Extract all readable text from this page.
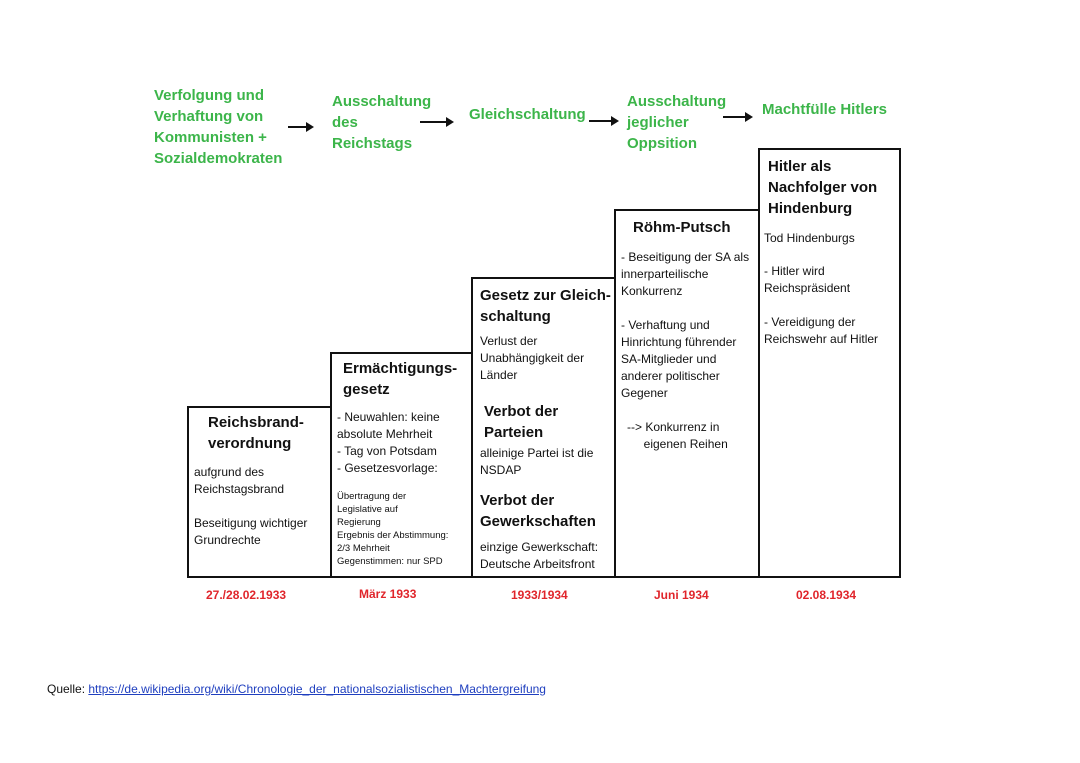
Verfolgung und
Verhaftung von
Kommunisten +
Sozialdemokraten
Ausschaltung
des
Reichstags
Gleichschaltung
Ausschaltung
jeglicher
Oppsition
Machtfülle Hitlers
Reichsbrand-
verordnung
aufgrund des
Reichstagsbrand
Beseitigung wichtiger
Grundrechte
Ermächtigungs-
gesetz
- Neuwahlen: keine
absolute Mehrheit
- Tag von Potsdam
- Gesetzesvorlage:
Übertragung der
Legislative auf
Regierung
Ergebnis der Abstimmung:
2/3 Mehrheit
Gegenstimmen: nur SPD
Gesetz zur Gleich-
schaltung
Verlust der
Unabhängigkeit der
Länder
Verbot der
Parteien
alleinige Partei ist die
NSDAP
Verbot der
Gewerkschaften
einzige Gewerkschaft:
Deutsche Arbeitsfront
Röhm-Putsch
- Beseitigung der SA als
innerparteilische
Konkurrenz
- Verhaftung und
Hinrichtung führender
SA-Mitglieder und
anderer politischer
Gegener
--> Konkurrenz in
eigenen Reihen
Hitler als
Nachfolger von
Hindenburg
Tod Hindenburgs
- Hitler wird
Reichspräsident
- Vereidigung der
Reichswehr auf Hitler
27./28.02.1933	März 1933	1933/1934	Juni 1934	02.08.1934
Quelle: https://de.wikipedia.org/wiki/Chronologie_der_nationalsozialistischen_Machtergreifung
